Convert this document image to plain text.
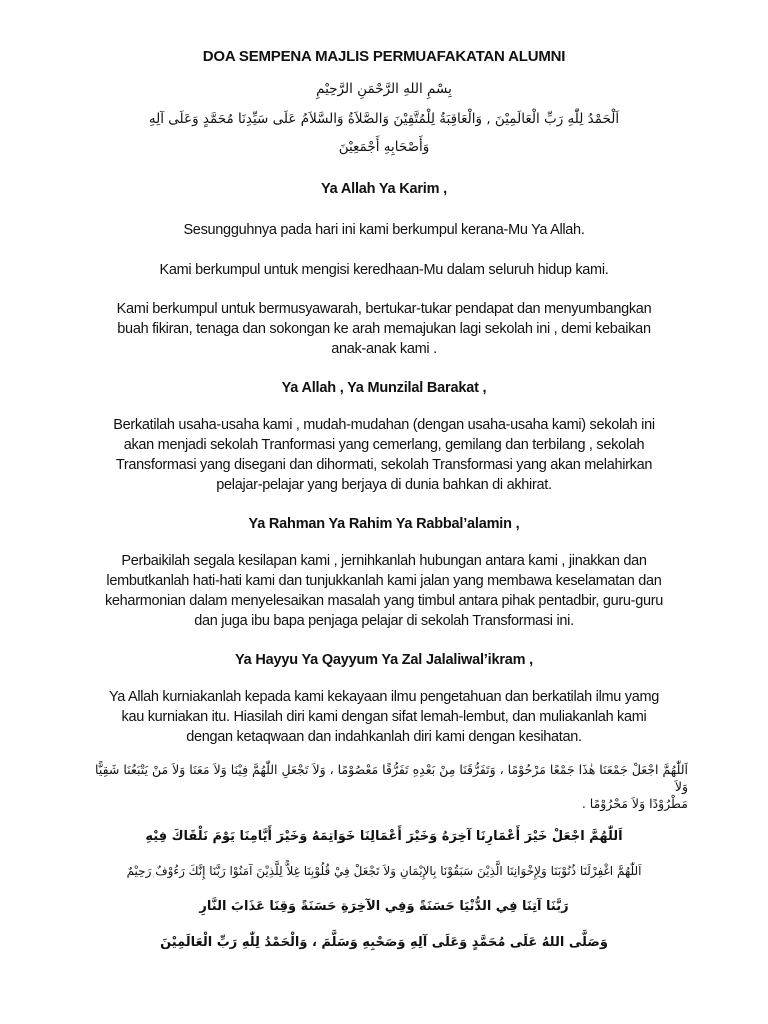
DOA SEMPENA MAJLIS PERMUAFAKATAN ALUMNI

بِسْمِ اللهِ الرَّحْمَنِ الرَّحِيْمِ

اَلْحَمْدُ لِلّٰهِ رَبِّ الْعَالَمِيْنَ , وَالْعَاقِبَةُ لِلْمُتَّقِيْنَ وَالصَّلاَةُ وَالسَّلاَمُ عَلَى سَيِّدِنَا مُحَمَّدٍ وَعَلَى آلِهِ

وَأَصْحَابِهِ أَجْمَعِيْنَ

Ya Allah Ya Karim ,

Sesungguhnya pada hari ini kami berkumpul kerana-Mu Ya Allah.

Kami berkumpul untuk mengisi keredhaan-Mu dalam seluruh hidup kami.

Kami berkumpul untuk bermusyawarah, bertukar-tukar pendapat dan menyumbangkan
buah fikiran, tenaga dan sokongan ke arah memajukan lagi sekolah ini , demi kebaikan
anak-anak kami .

Ya Allah , Ya Munzilal Barakat ,

Berkatilah usaha-usaha kami , mudah-mudahan (dengan usaha-usaha kami) sekolah ini
akan menjadi sekolah Tranformasi yang cemerlang, gemilang dan terbilang , sekolah
Transformasi yang disegani dan dihormati, sekolah Transformasi yang akan melahirkan
pelajar-pelajar yang berjaya di dunia bahkan di akhirat.

Ya Rahman Ya Rahim Ya Rabbal’alamin ,

Perbaikilah segala kesilapan kami , jernihkanlah hubungan antara kami , jinakkan dan
lembutkanlah hati-hati kami dan tunjukkanlah kami jalan yang membawa keselamatan dan
keharmonian dalam menyelesaikan masalah yang timbul antara pihak pentadbir, guru-guru
dan juga ibu bapa penjaga pelajar di sekolah Transformasi ini.

Ya Hayyu Ya Qayyum Ya Zal Jalaliwal’ikram ,

Ya Allah kurniakanlah kepada kami kekayaan ilmu pengetahuan dan berkatilah ilmu yamg
kau kurniakan itu. Hiasilah diri kami dengan sifat lemah-lembut, dan muliakanlah kami
dengan ketaqwaan dan indahkanlah diri kami dengan kesihatan.

اَللّٰهُمَّ اجْعَلْ جَمْعَنَا هٰذَا جَمْعًا مَرْحُوْمًا ، وَتَفَرُّقَنَا مِنْ بَعْدِهِ تَفَرُّقًا مَعْصُوْمًا ، وَلاَ تَجْعَلِ اللّٰهُمَّ فِيْنَا وَلاَ مَعَنَا وَلاَ مَنْ يَتْبَعُنَا شَقِيًّا وَلاَ

مَطْرُوْدًا وَلاَ مَحْرُوْمًا .

اَللّٰهُمَّ اجْعَلْ خَيْرَ أَعْمَارِنَا آخِرَهُ وَخَيْرَ أَعْمَالِنَا خَوَاتِمَهُ وَخَيْرَ أَيَّامِنَا يَوْمَ نَلْقَاكَ فِيْهِ

اَللّٰهُمَّ اغْفِرْلَنَا ذُنُوْبَنَا وَلِإِخْوَانِنَا الَّذِيْنَ سَبَقُوْنَا بِالإِيْمَانِ وَلاَ تَجْعَلْ فِيْ قُلُوْبِنَا غِلاًّ لِلَّذِيْنَ آمَنُوْا رَبَّنَا إِنَّكَ رَءُوْفٌ رَحِيْمٌ

رَبَّنَا آتِنَا فِي الدُّنْيَا حَسَنَةً وَفِي الآخِرَةِ حَسَنَةً وَقِنَا عَذَابَ النَّارِ

وَصَلَّى اللهُ عَلَى مُحَمَّدٍ وَعَلَى آلِهِ وَصَحْبِهِ وَسَلَّمَ ، وَالْحَمْدُ لِلّٰهِ رَبِّ الْعَالَمِيْنَ
